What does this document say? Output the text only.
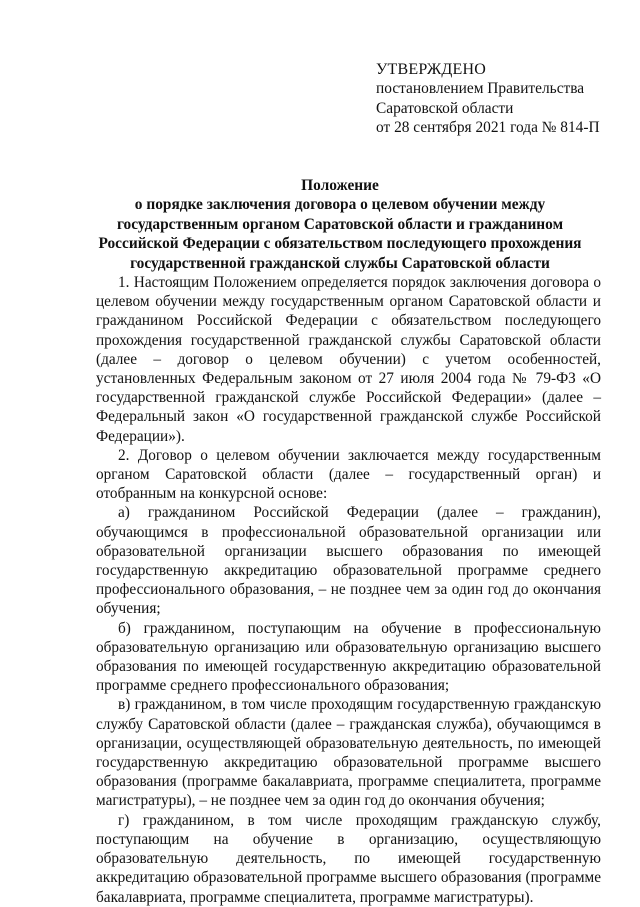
УТВЕРЖДЕНО
постановлением Правительства
Саратовской области
от 28 сентября 2021 года № 814-П
Положение
о порядке заключения договора о целевом обучении между
государственным органом Саратовской области и гражданином
Российской Федерации с обязательством последующего прохождения
государственной гражданской службы Саратовской области

1. Настоящим Положением определяется порядок заключения договора о целевом обучении между государственным органом Саратовской области и гражданином Российской Федерации с обязательством последующего прохождения государственной гражданской службы Саратовской области (далее – договор о целевом обучении) с учетом особенностей, установленных Федеральным законом от 27 июля 2004 года № 79-ФЗ «О государственной гражданской службе Российской Федерации» (далее – Федеральный закон «О государственной гражданской службе Российской Федерации»).

2. Договор о целевом обучении заключается между государственным органом Саратовской области (далее – государственный орган) и отобранным на конкурсной основе:

а) гражданином Российской Федерации (далее – гражданин), обучающимся в профессиональной образовательной организации или образовательной организации высшего образования по имеющей государственную аккредитацию образовательной программе среднего профессионального образования, – не позднее чем за один год до окончания обучения;

б) гражданином, поступающим на обучение в профессиональную образовательную организацию или образовательную организацию высшего образования по имеющей государственную аккредитацию образовательной программе среднего профессионального образования;

в) гражданином, в том числе проходящим государственную гражданскую службу Саратовской области (далее – гражданская служба), обучающимся в организации, осуществляющей образовательную деятельность, по имеющей государственную аккредитацию образовательной программе высшего образования (программе бакалавриата, программе специалитета, программе магистратуры), – не позднее чем за один год до окончания обучения;

г) гражданином, в том числе проходящим гражданскую службу, поступающим на обучение в организацию, осуществляющую образовательную деятельность, по имеющей государственную аккредитацию образовательной программе высшего образования (программе бакалавриата, программе специалитета, программе магистратуры).
